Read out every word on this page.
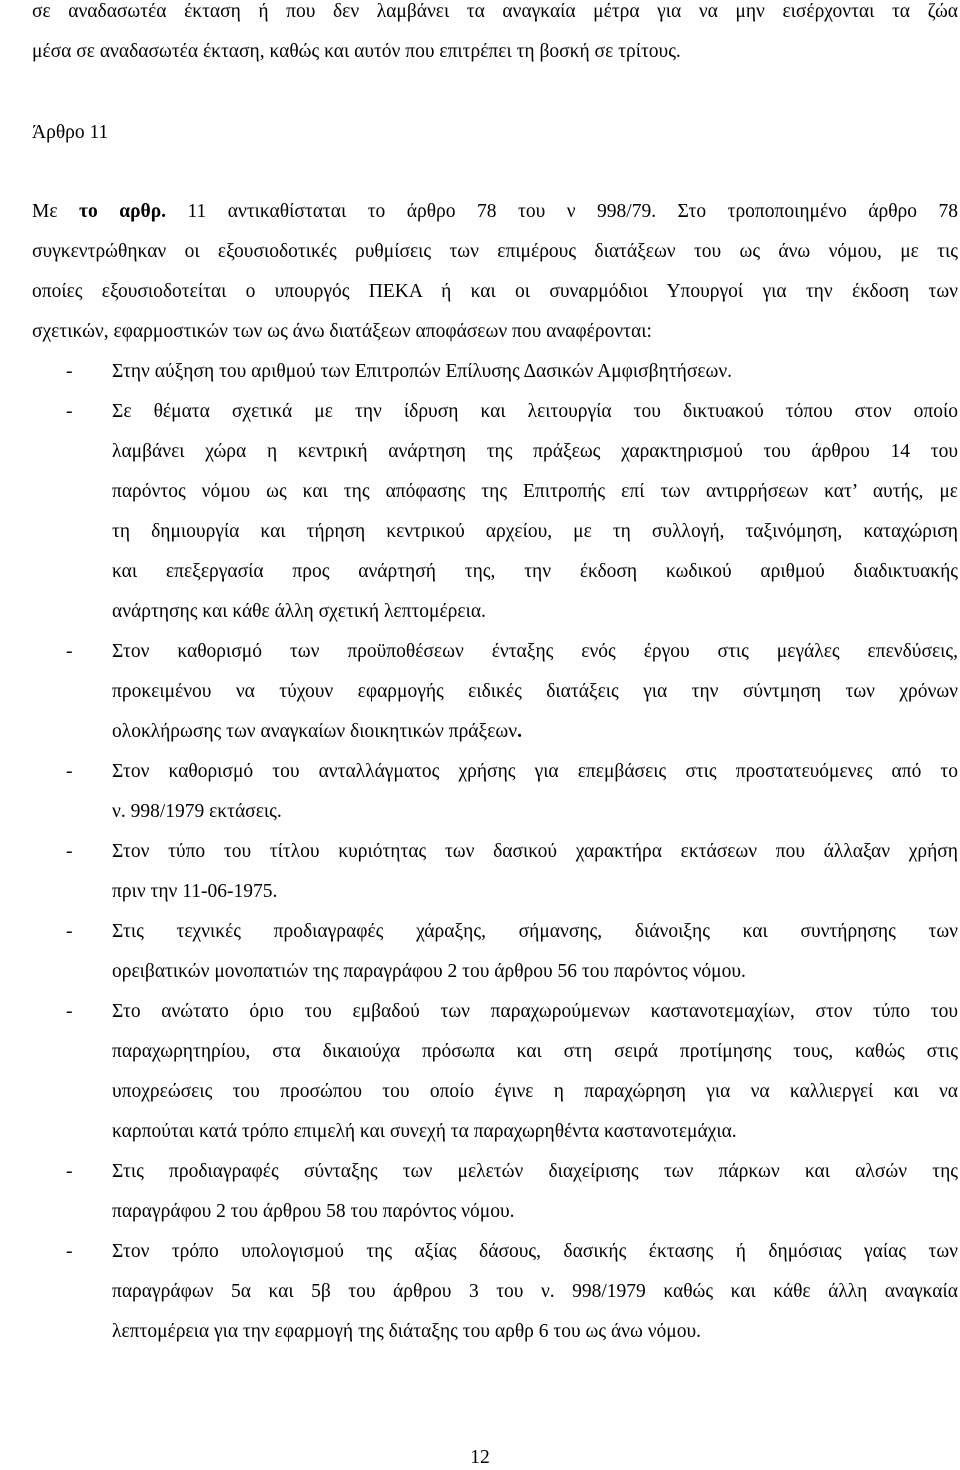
σε αναδασωτέα έκταση ή που δεν λαμβάνει τα αναγκαία μέτρα για να μην εισέρχονται τα ζώα
μέσα σε αναδασωτέα έκταση, καθώς και αυτόν που επιτρέπει τη βοσκή σε τρίτους.
Άρθρο 11
Με το αρθρ. 11 αντικαθίσταται το άρθρο 78 του ν 998/79. Στο τροποποιημένο άρθρο 78
συγκεντρώθηκαν οι εξουσιοδοτικές ρυθμίσεις των επιμέρους διατάξεων του ως άνω νόμου, με τις
οποίες εξουσιοδοτείται ο υπουργός ΠΕΚΑ ή και οι συναρμόδιοι Υπουργοί για την έκδοση των
σχετικών, εφαρμοστικών των ως άνω διατάξεων αποφάσεων που αναφέρονται:
- Στην αύξηση του αριθμού των Επιτροπών Επίλυσης Δασικών Αμφισβητήσεων.
- Σε θέματα σχετικά με την ίδρυση και λειτουργία του δικτυακού τόπου στον οποίο
λαμβάνει χώρα η κεντρική ανάρτηση της πράξεως χαρακτηρισμού του άρθρου 14 του
παρόντος νόμου ως και της απόφασης της Επιτροπής επί των αντιρρήσεων κατ’ αυτής, με
τη δημιουργία και τήρηση κεντρικού αρχείου, με τη συλλογή, ταξινόμηση, καταχώριση
και επεξεργασία προς ανάρτησή της, την έκδοση κωδικού αριθμού διαδικτυακής
ανάρτησης και κάθε άλλη σχετική λεπτομέρεια.
- Στον καθορισμό των προϋποθέσεων ένταξης ενός έργου στις μεγάλες επενδύσεις,
προκειμένου να τύχουν εφαρμογής ειδικές διατάξεις για την σύντμηση των χρόνων
ολοκλήρωσης των αναγκαίων διοικητικών πράξεων.
- Στον καθορισμό του ανταλλάγματος χρήσης για επεμβάσεις στις προστατευόμενες από το
ν. 998/1979 εκτάσεις.
- Στον τύπο του τίτλου κυριότητας των δασικού χαρακτήρα εκτάσεων που άλλαξαν χρήση
πριν την 11-06-1975.
- Στις τεχνικές προδιαγραφές χάραξης, σήμανσης, διάνοιξης και συντήρησης των
ορειβατικών μονοπατιών της παραγράφου 2 του άρθρου 56 του παρόντος νόμου.
- Στο ανώτατο όριο του εμβαδού των παραχωρούμενων καστανοτεμαχίων, στον τύπο του
παραχωρητηρίου, στα δικαιούχα πρόσωπα και στη σειρά προτίμησης τους, καθώς στις
υποχρεώσεις του προσώπου του οποίο έγινε η παραχώρηση για να καλλιεργεί και να
καρπούται κατά τρόπο επιμελή και συνεχή τα παραχωρηθέντα καστανοτεμάχια.
- Στις προδιαγραφές σύνταξης των μελετών διαχείρισης των πάρκων και αλσών της
παραγράφου 2 του άρθρου 58 του παρόντος νόμου.
- Στον τρόπο υπολογισμού της αξίας δάσους, δασικής έκτασης ή δημόσιας γαίας των
παραγράφων 5α και 5β του άρθρου 3 του ν. 998/1979 καθώς και κάθε άλλη αναγκαία
λεπτομέρεια για την εφαρμογή της διάταξης του αρθρ 6 του ως άνω νόμου.
12
